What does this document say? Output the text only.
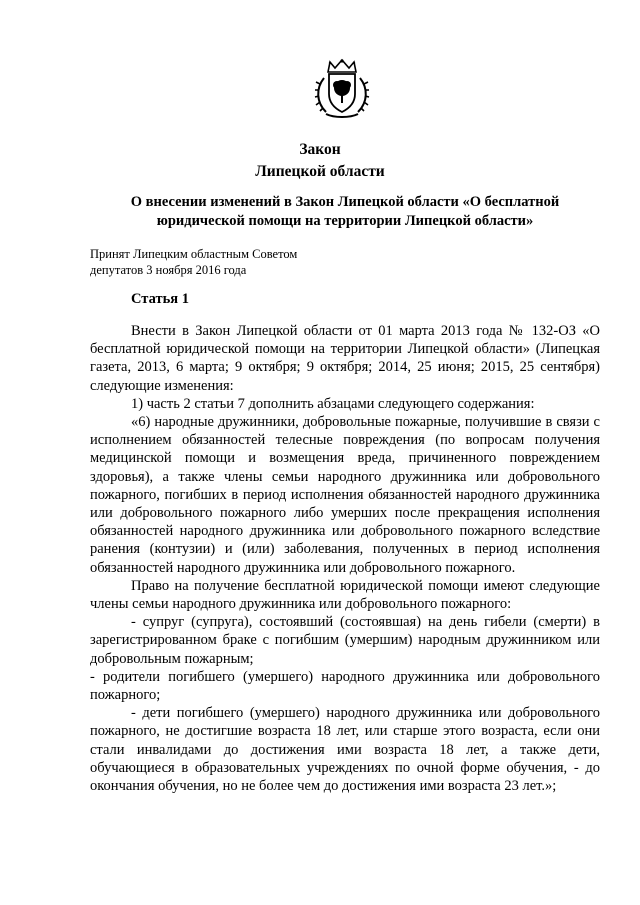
Закон
Липецкой области
О внесении изменений в Закон Липецкой области «О бесплатной
юридической помощи на территории Липецкой области»
Принят Липецким областным Советом
депутатов 3 ноября 2016 года
Статья 1

Внести в Закон Липецкой области от 01 марта 2013 года № 132-ОЗ «О бесплатной юридической помощи на территории Липецкой области» (Липецкая газета, 2013, 6 марта; 9 октября; 9 октября; 2014, 25 июня; 2015, 25 сентября) следующие изменения:

1) часть 2 статьи 7 дополнить абзацами следующего содержания:

«6) народные дружинники, добровольные пожарные, получившие в связи с исполнением обязанностей телесные повреждения (по вопросам получения медицинской помощи и возмещения вреда, причиненного повреждением здоровья), а также члены семьи народного дружинника или добровольного пожарного, погибших в период исполнения обязанностей народного дружинника или добровольного пожарного либо умерших после прекращения исполнения обязанностей народного дружинника или добровольного пожарного вследствие ранения (контузии) и (или) заболевания, полученных в период исполнения обязанностей народного дружинника или добровольного пожарного.

Право на получение бесплатной юридической помощи имеют следующие члены семьи народного дружинника или добровольного пожарного:

- супруг (супруга), состоявший (состоявшая) на день гибели (смерти) в зарегистрированном браке с погибшим (умершим) народным дружинником или добровольным пожарным;

- родители погибшего (умершего) народного дружинника или добровольного пожарного;

- дети погибшего (умершего) народного дружинника или добровольного пожарного, не достигшие возраста 18 лет, или старше этого возраста, если они стали инвалидами до достижения ими возраста 18 лет, а также дети, обучающиеся в образовательных учреждениях по очной форме обучения, - до окончания обучения, но не более чем до достижения ими возраста 23 лет.»;
